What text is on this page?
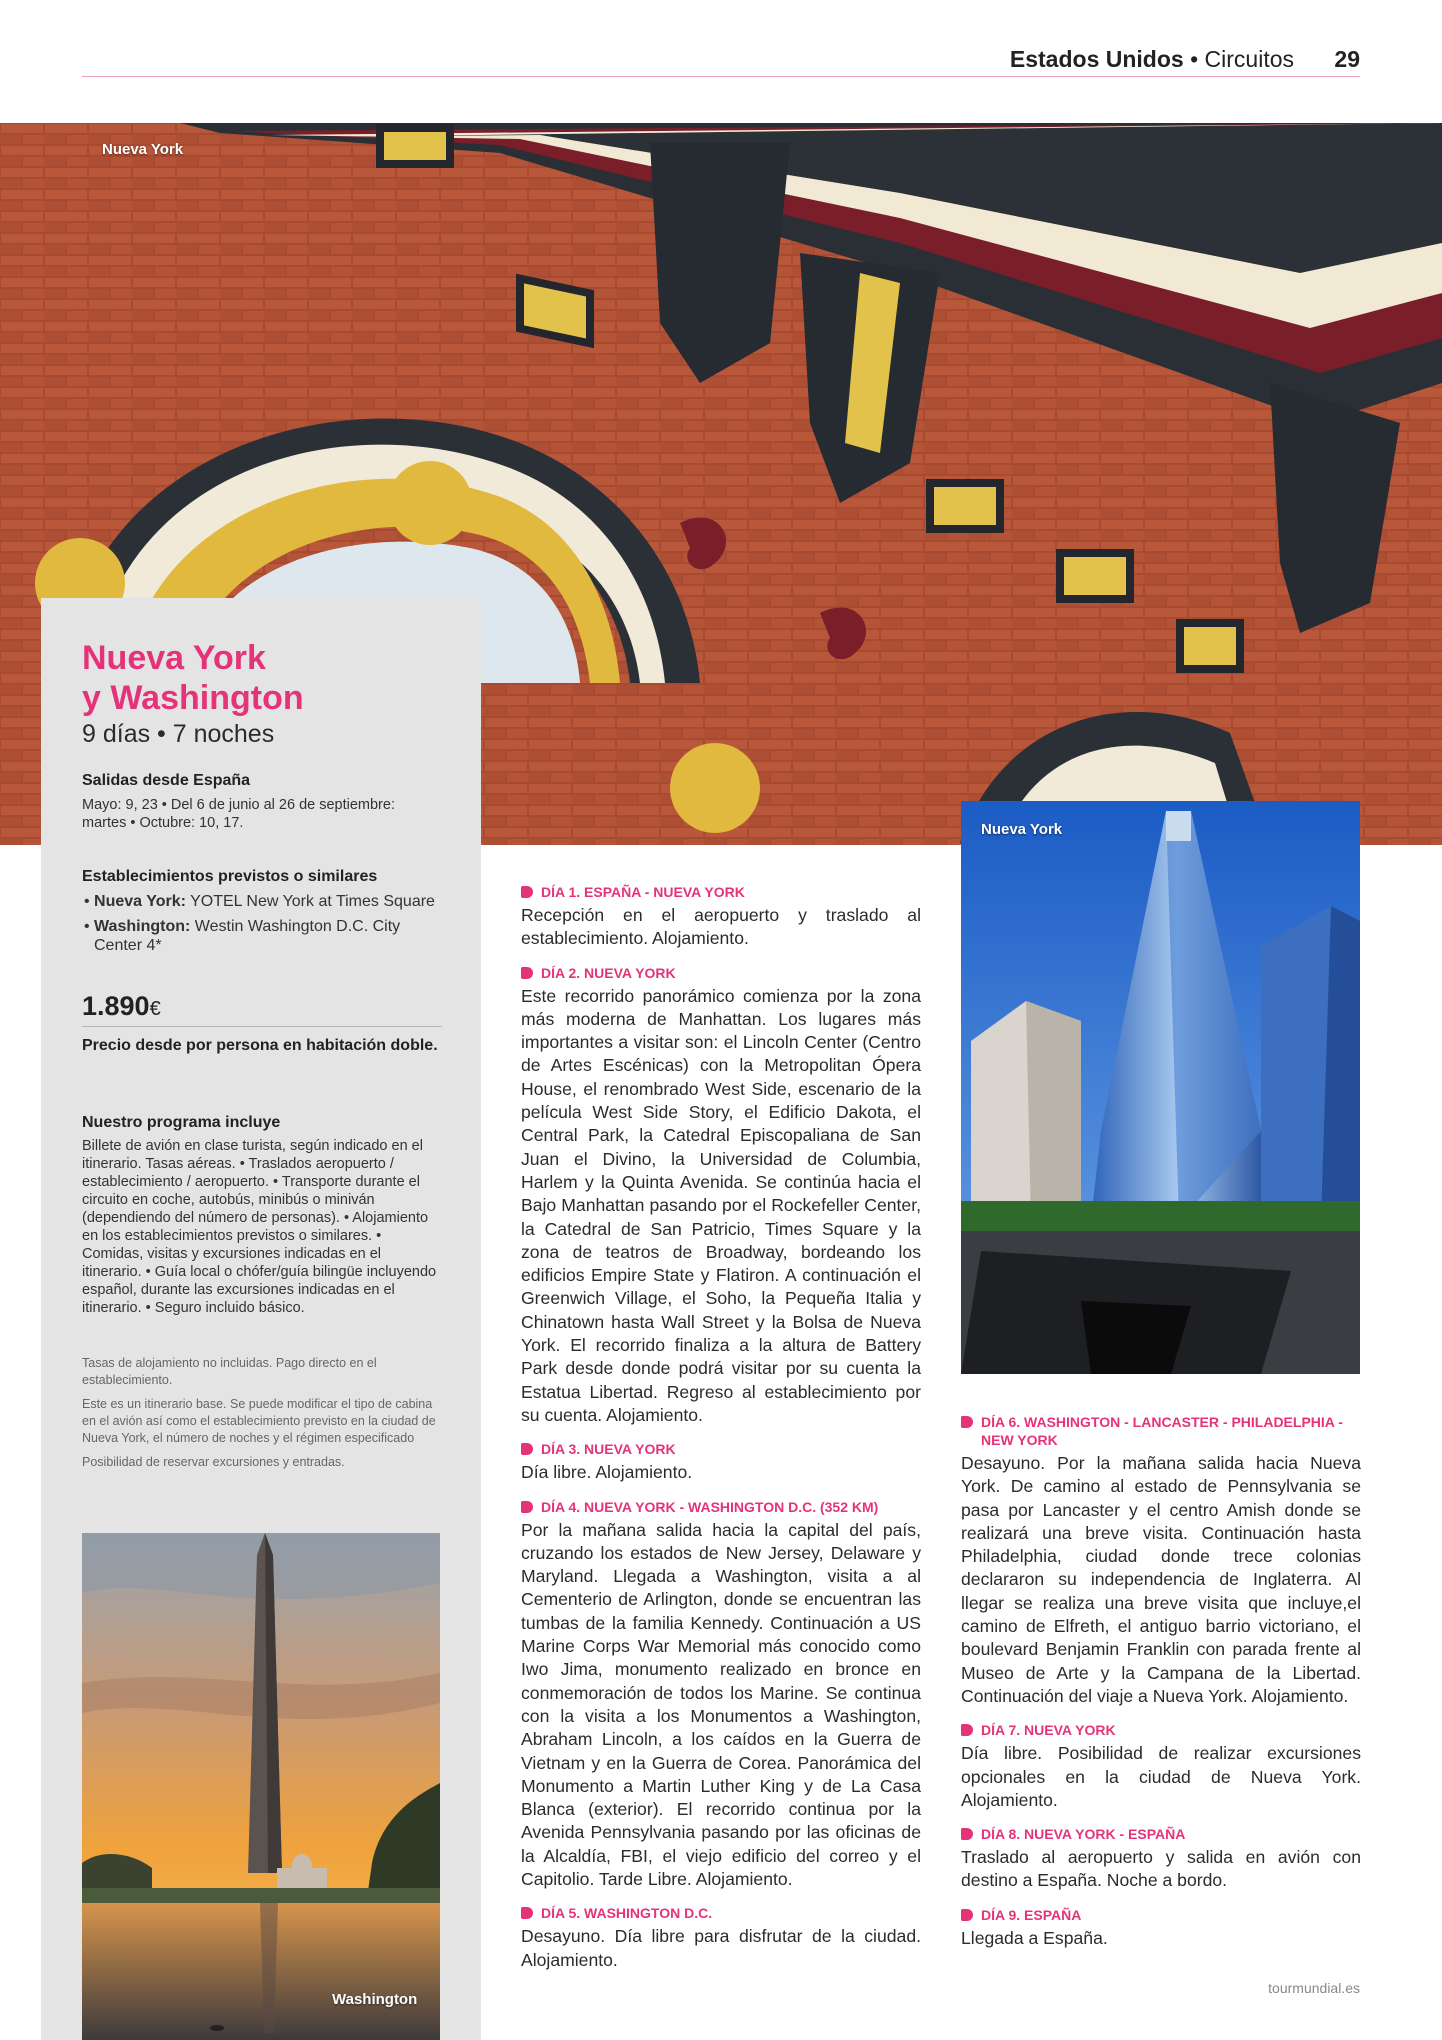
Estados Unidos • Circuitos 29
Nueva York
Nueva York
y Washington
9 días • 7 noches
Salidas desde España
Mayo: 9, 23 • Del 6 de junio al 26 de septiembre: martes • Octubre: 10, 17.
Establecimientos previstos o similares
• Nueva York: YOTEL New York at Times Square
• Washington: Westin Washington D.C. City Center 4*
1.890€
Precio desde por persona en habitación doble.
Nuestro programa incluye
Billete de avión en clase turista, según indicado en el itinerario. Tasas aéreas. • Traslados aeropuerto / establecimiento / aeropuerto. • Transporte durante el circuito en coche, autobús, minibús o miniván (dependiendo del número de personas). • Alojamiento en los establecimientos previstos o similares. • Comidas, visitas y excursiones indicadas en el itinerario. • Guía local o chófer/guía bilingüe incluyendo español, durante las excursiones indicadas en el itinerario. • Seguro incluido básico.
Tasas de alojamiento no incluidas. Pago directo en el establecimiento.
Este es un itinerario base. Se puede modificar el tipo de cabina en el avión así como el establecimiento previsto en la ciudad de Nueva York, el número de noches y el régimen especificado
Posibilidad de reservar excursiones y entradas.
Washington
Nueva York
DÍA 1. ESPAÑA - NUEVA YORK
Recepción en el aeropuerto y traslado al establecimiento. Alojamiento.
DÍA 2. NUEVA YORK
Este recorrido panorámico comienza por la zona más moderna de Manhattan. Los lugares más importantes a visitar son: el Lincoln Center (Centro de Artes Escénicas) con la Metropolitan Ópera House, el renombrado West Side, escenario de la película West Side Story, el Edificio Dakota, el Central Park, la Catedral Episcopaliana de San Juan el Divino, la Universidad de Columbia, Harlem y la Quinta Avenida. Se continúa hacia el Bajo Manhattan pasando por el Rockefeller Center, la Catedral de San Patricio, Times Square y la zona de teatros de Broadway, bordeando los edificios Empire State y Flatiron. A continuación el Greenwich Village, el Soho, la Pequeña Italia y Chinatown hasta Wall Street y la Bolsa de Nueva York. El recorrido finaliza a la altura de Battery Park desde donde podrá visitar por su cuenta la Estatua Libertad. Regreso al establecimiento por su cuenta. Alojamiento.
DÍA 3. NUEVA YORK
Día libre. Alojamiento.
DÍA 4. NUEVA YORK - WASHINGTON D.C. (352 KM)
Por la mañana salida hacia la capital del país, cruzando los estados de New Jersey, Delaware y Maryland. Llegada a Washington, visita a al Cementerio de Arlington, donde se encuentran las tumbas de la familia Kennedy. Continuación a US Marine Corps War Memorial más conocido como Iwo Jima, monumento realizado en bronce en conmemoración de todos los Marine. Se continua con la visita a los Monumentos a Washington, Abraham Lincoln, a los caídos en la Guerra de Vietnam y en la Guerra de Corea. Panorámica del Monumento a Martin Luther King y de La Casa Blanca (exterior). El recorrido continua por la Avenida Pennsylvania pasando por las oficinas de la Alcaldía, FBI, el viejo edificio del correo y el Capitolio. Tarde Libre. Alojamiento.
DÍA 5. WASHINGTON D.C.
Desayuno. Día libre para disfrutar de la ciudad. Alojamiento.
DÍA 6. WASHINGTON - LANCASTER - PHILADELPHIA - NEW YORK
Desayuno. Por la mañana salida hacia Nueva York. De camino al estado de Pennsylvania se pasa por Lancaster y el centro Amish donde se realizará una breve visita. Continuación hasta Philadelphia, ciudad donde trece colonias declararon su independencia de Inglaterra. Al llegar se realiza una breve visita que incluye,el camino de Elfreth, el antiguo barrio victoriano, el boulevard Benjamin Franklin con parada frente al Museo de Arte y la Campana de la Libertad. Continuación del viaje a Nueva York. Alojamiento.
DÍA 7. NUEVA YORK
Día libre. Posibilidad de realizar excursiones opcionales en la ciudad de Nueva York. Alojamiento.
DÍA 8. NUEVA YORK - ESPAÑA
Traslado al aeropuerto y salida en avión con destino a España. Noche a bordo.
DÍA 9. ESPAÑA
Llegada a España.
tourmundial.es
